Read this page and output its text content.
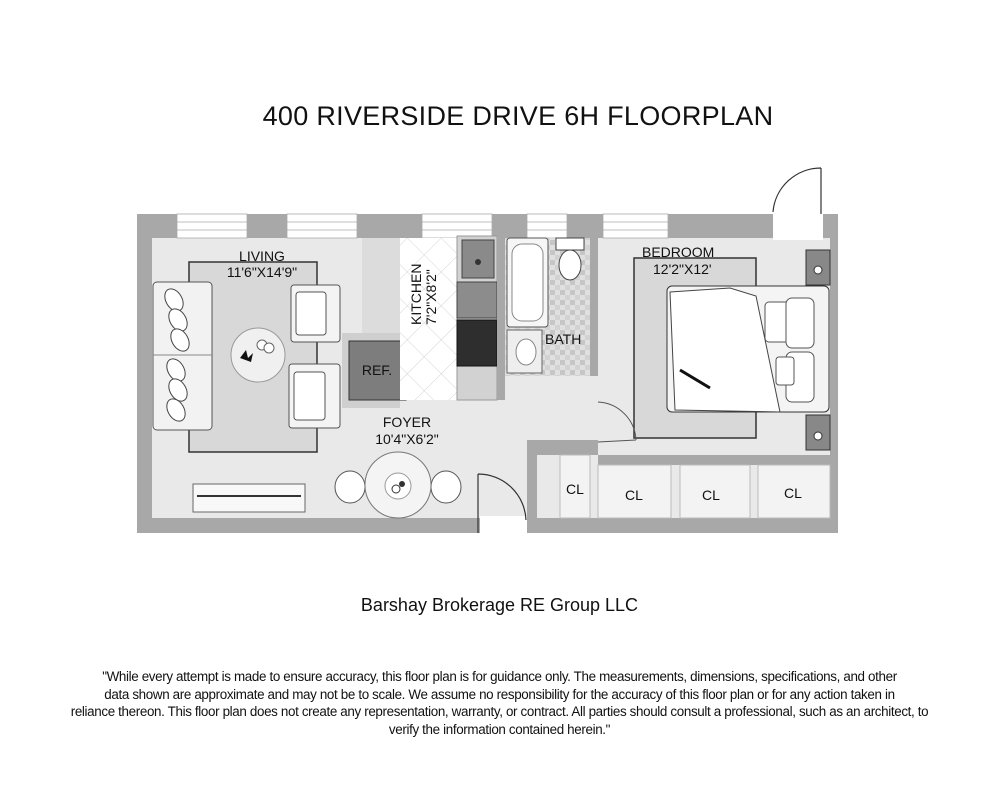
400 RIVERSIDE DRIVE 6H FLOORPLAN
REF.
KITCHEN 7'2"X8'2"
BATH
BEDROOM
12'2"X12'
CL	CL	CL	CL
LIVING
11'6"X14'9"
FOYER
10'4"X6'2"
Barshay Brokerage RE Group LLC
"While every attempt is made to ensure accuracy, this floor plan is for guidance only. The measurements, dimensions, specifications, and other
data shown are approximate and may not be to scale. We assume no responsibility for the accuracy of this floor plan or for any action taken in
reliance thereon. This floor plan does not create any representation, warranty, or contract. All parties should consult a professional, such as an architect, to
verify the information contained herein."
